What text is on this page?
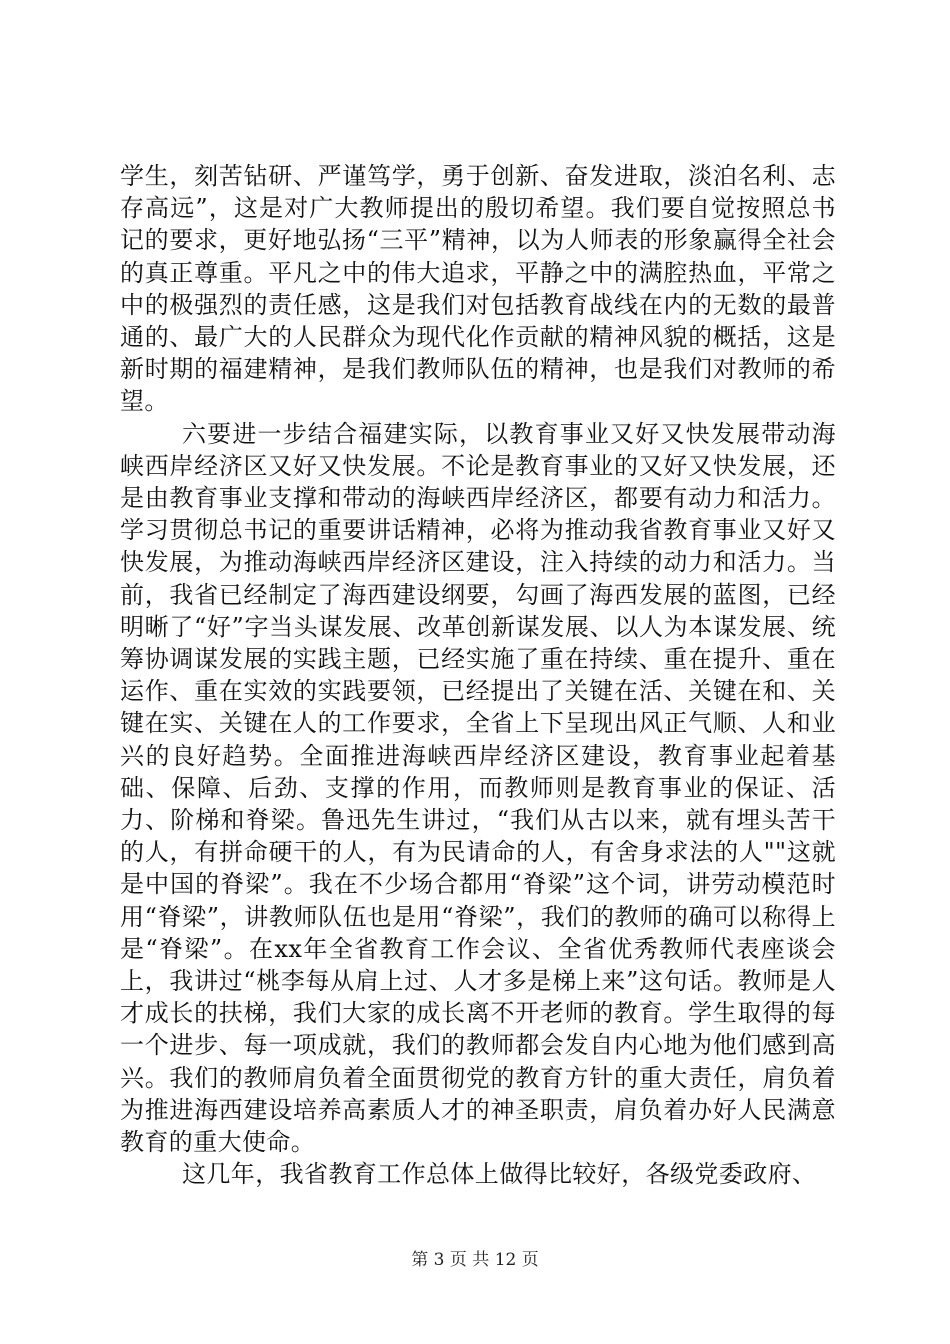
学生，刻苦钻研、严谨笃学，勇于创新、奋发进取，淡泊名利、志存高远”，这是对广大教师提出的殷切希望。我们要自觉按照总书记的要求，更好地弘扬“三平”精神，以为人师表的形象赢得全社会的真正尊重。平凡之中的伟大追求，平静之中的满腔热血，平常之中的极强烈的责任感，这是我们对包括教育战线在内的无数的最普通的、最广大的人民群众为现代化作贡献的精神风貌的概括，这是新时期的福建精神，是我们教师队伍的精神，也是我们对教师的希望。

六要进一步结合福建实际，以教育事业又好又快发展带动海峡西岸经济区又好又快发展。不论是教育事业的又好又快发展，还是由教育事业支撑和带动的海峡西岸经济区，都要有动力和活力。学习贯彻总书记的重要讲话精神，必将为推动我省教育事业又好又快发展，为推动海峡西岸经济区建设，注入持续的动力和活力。当前，我省已经制定了海西建设纲要，勾画了海西发展的蓝图，已经明晰了“好”字当头谋发展、改革创新谋发展、以人为本谋发展、统筹协调谋发展的实践主题，已经实施了重在持续、重在提升、重在运作、重在实效的实践要领，已经提出了关键在活、关键在和、关键在实、关键在人的工作要求，全省上下呈现出风正气顺、人和业兴的良好趋势。全面推进海峡西岸经济区建设，教育事业起着基础、保障、后劲、支撑的作用，而教师则是教育事业的保证、活力、阶梯和脊梁。鲁迅先生讲过，“我们从古以来，就有埋头苦干的人，有拼命硬干的人，有为民请命的人，有舍身求法的人""这就是中国的脊梁”。我在不少场合都用“脊梁”这个词，讲劳动模范时用“脊梁”，讲教师队伍也是用“脊梁”，我们的教师的确可以称得上是“脊梁”。在xx年全省教育工作会议、全省优秀教师代表座谈会上，我讲过“桃李每从肩上过、人才多是梯上来”这句话。教师是人才成长的扶梯，我们大家的成长离不开老师的教育。学生取得的每一个进步、每一项成就，我们的教师都会发自内心地为他们感到高兴。我们的教师肩负着全面贯彻党的教育方针的重大责任，肩负着为推进海西建设培养高素质人才的神圣职责，肩负着办好人民满意教育的重大使命。

这几年，我省教育工作总体上做得比较好，各级党委政府、

第 3 页 共 12 页
